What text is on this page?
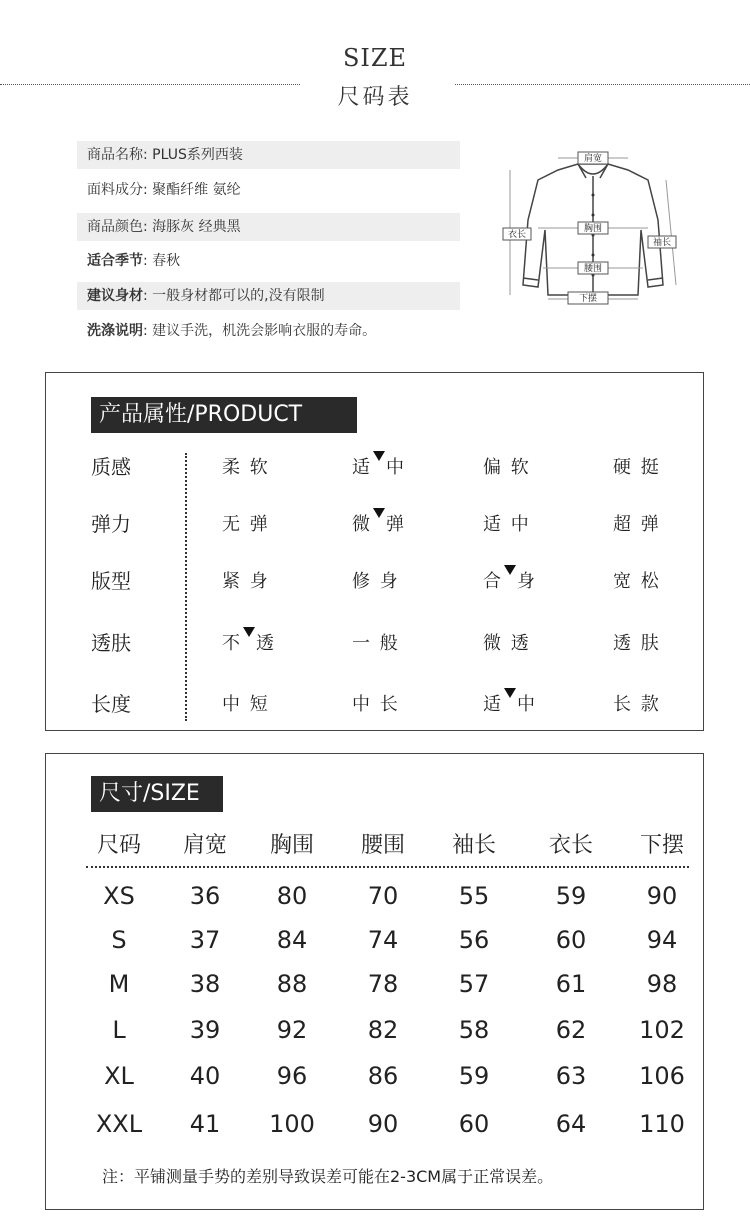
SIZE
尺码表
商品名称: PLUS系列西装
面料成分: 聚酯纤维 氨纶
商品颜色: 海豚灰 经典黑
适合季节: 春秋
建议身材: 一般身材都可以的,没有限制
洗涤说明: 建议手洗，机洗会影响衣服的寿命。
肩宽
衣长
胸围
袖长
腰围
下摆
产品属性/PRODUCT
质感	柔 软	适 中	偏 软	硬 挺
弹力	无 弹	微 弹	适 中	超 弹
版型	紧 身	修 身	合 身	宽 松
透肤	不 透	一 般	微 透	透 肤
长度	中 短	中 长	适 中	长 款
尺寸/SIZE
尺码	肩宽	胸围	腰围	袖长	衣长	下摆
XS	36	80	70	55	59	90
S	37	84	74	56	60	94
M	38	88	78	57	61	98
L	39	92	82	58	62	102
XL	40	96	86	59	63	106
XXL	41	100	90	60	64	110
注：平铺测量手势的差别导致误差可能在2-3CM属于正常误差。
